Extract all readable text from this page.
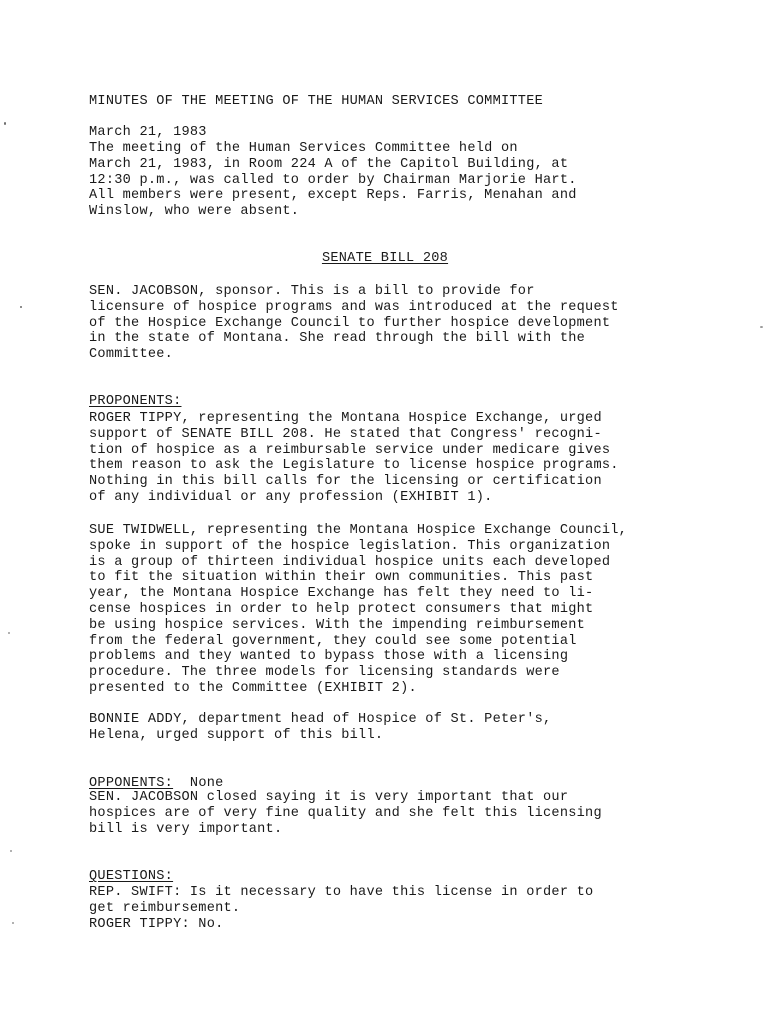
MINUTES OF THE MEETING OF THE HUMAN SERVICES COMMITTEE

March 21, 1983

The meeting of the Human Services Committee held on
March 21, 1983, in Room 224 A of the Capitol Building, at
12:30 p.m., was called to order by Chairman Marjorie Hart.
All members were present, except Reps. Farris, Menahan and
Winslow, who were absent.

SENATE BILL 208

SEN. JACOBSON, sponsor. This is a bill to provide for
licensure of hospice programs and was introduced at the request
of the Hospice Exchange Council to further hospice development
in the state of Montana. She read through the bill with the
Committee.

PROPONENTS:

ROGER TIPPY, representing the Montana Hospice Exchange, urged
support of SENATE BILL 208. He stated that Congress' recogni-
tion of hospice as a reimbursable service under medicare gives
them reason to ask the Legislature to license hospice programs.
Nothing in this bill calls for the licensing or certification
of any individual or any profession (EXHIBIT 1).

SUE TWIDWELL, representing the Montana Hospice Exchange Council,
spoke in support of the hospice legislation. This organization
is a group of thirteen individual hospice units each developed
to fit the situation within their own communities. This past
year, the Montana Hospice Exchange has felt they need to li-
cense hospices in order to help protect consumers that might
be using hospice services. With the impending reimbursement
from the federal government, they could see some potential
problems and they wanted to bypass those with a licensing
procedure. The three models for licensing standards were
presented to the Committee (EXHIBIT 2).

BONNIE ADDY, department head of Hospice of St. Peter's,
Helena, urged support of this bill.

OPPONENTS: None

SEN. JACOBSON closed saying it is very important that our
hospices are of very fine quality and she felt this licensing
bill is very important.

QUESTIONS:

REP. SWIFT: Is it necessary to have this license in order to
get reimbursement.

ROGER TIPPY: No.
